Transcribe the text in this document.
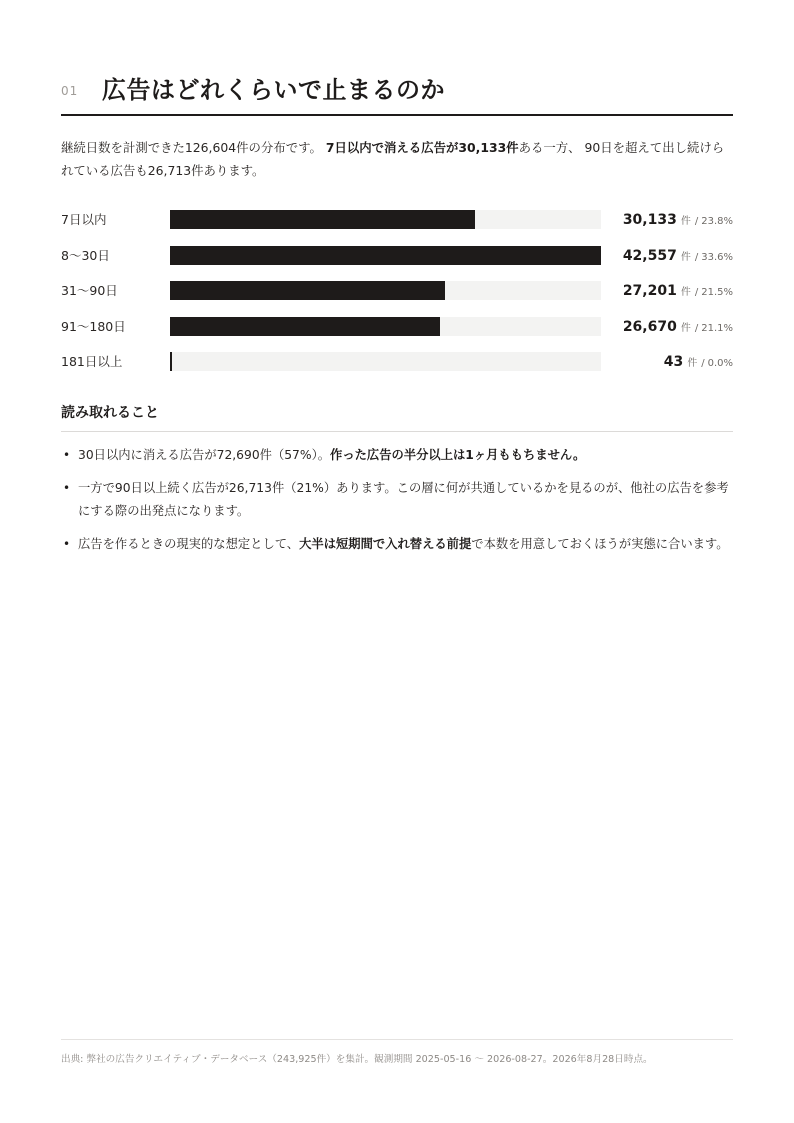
01 広告はどれくらいで止まるのか

継続日数を計測できた126,604件の分布です。 7日以内で消える広告が30,133件ある一方、 90日を超えて出し続けられている広告も26,713件あります。

7日以内	30,133 件 / 23.8%
8〜30日	42,557 件 / 33.6%
31〜90日	27,201 件 / 21.5%
91〜180日	26,670 件 / 21.1%
181日以上	43 件 / 0.0%
読み取れること
• 30日以内に消える広告が72,690件（57%）。作った広告の半分以上は1ヶ月ももちません。
• 一方で90日以上続く広告が26,713件（21%）あります。この層に何が共通しているかを見るのが、他社の広告を参考にする際の出発点になります。
• 広告を作るときの現実的な想定として、大半は短期間で入れ替える前提で本数を用意しておくほうが実態に合います。
出典: 弊社の広告クリエイティブ・データベース（243,925件）を集計。観測期間 2025-05-16 〜 2026-08-27。2026年8月28日時点。
